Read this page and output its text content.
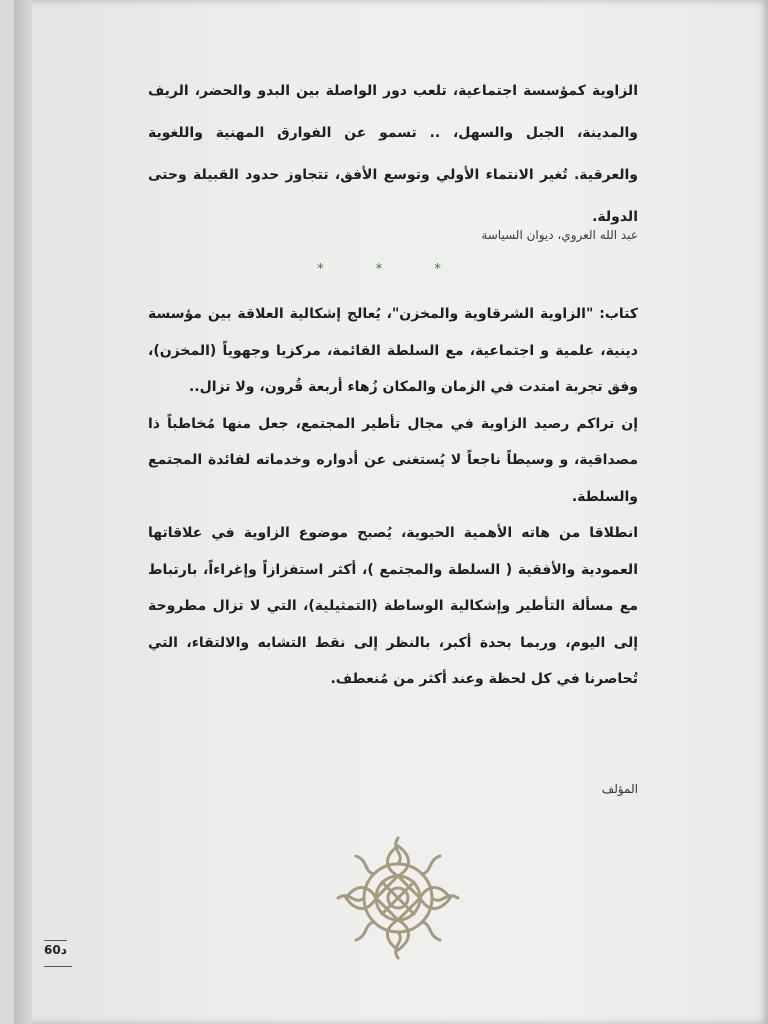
الزاوية كمؤسسة اجتماعية، تلعب دور الواصلة بين البدو والحضر، الريف والمدينة، الجبل والسهل، .. تسمو عن الفوارق المهنية واللغوية والعرقية. تُغير الانتماء الأولي وتوسع الأفق، تتجاوز حدود القبيلة وحتى الدولة.

عبد الله العروي، ديوان السياسة
* * *

كتاب: "الزاوية الشرقاوية والمخزن"، يُعالج إشكالية العلاقة بين مؤسسة دينية، علمية و اجتماعية، مع السلطة القائمة، مركزيا وجهوياً (المخزن)، وفق تجربة امتدت في الزمان والمكان زُهاء أربعة قُرون، ولا تزال..

إن تراكم رصيد الزاوية في مجال تأطير المجتمع، جعل منها مُخاطباً ذا مصداقية، و وسيطاً ناجعاً لا يُستغنى عن أدواره وخدماته لفائدة المجتمع والسلطة.

انطلاقا من هاته الأهمية الحيوية، يُصبح موضوع الزاوية في علاقاتها العمودية والأفقية ( السلطة والمجتمع )، أكثر استفزازاً وإغراءاً، بارتباط مع مسألة التأطير وإشكالية الوساطة (التمثيلية)، التي لا تزال مطروحة إلى اليوم، وربما بحدة أكبر، بالنظر إلى نقط التشابه والالتقاء، التي تُحاصرنا في كل لحظة وعند أكثر من مُنعطف.

المؤلف
60د
